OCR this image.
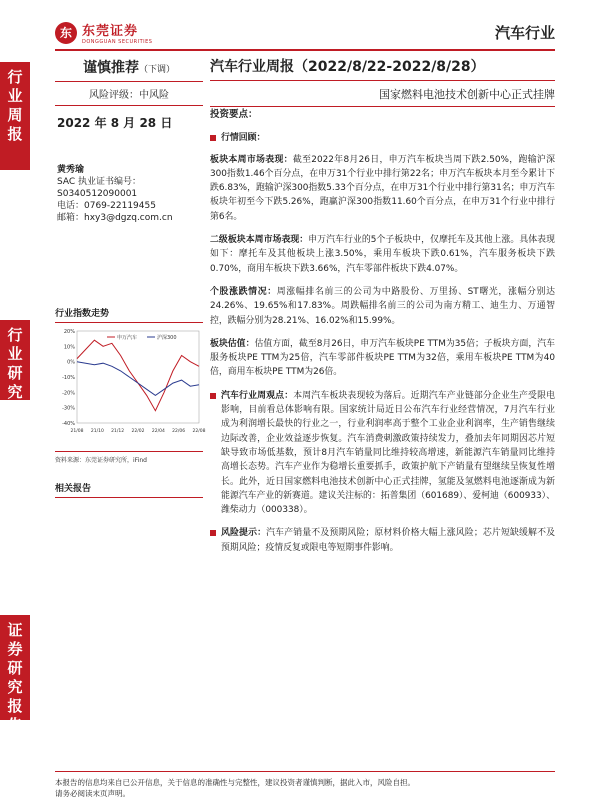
东 东莞证券
DONGGUAN SECURITIES	汽车行业
行业周报
行业研究
证券研究报告
谨慎推荐（下调）
风险评级：中风险
2022 年 8 月 28 日
黄秀瑜
SAC 执业证书编号：
S0340512090001
电话：0769-22119455
邮箱：hxy3@dgzq.com.cn
行业指数走势
20%
10%
0%
-10%
-20%
-30%
-40%
21/08 21/10 21/12 22/02 22/04 22/06 22/08
申万汽车	沪深300
资料来源：东莞证券研究所，iFind
相关报告
汽车行业周报（2022/8/22-2022/8/28）
国家燃料电池技术创新中心正式挂牌
投资要点：
行情回顾：
板块本周市场表现：截至2022年8月26日，申万汽车板块当周下跌2.50%，跑输沪深300指数1.46个百分点，在申万31个行业中排行第22名；申万汽车板块本月至今累计下跌6.83%，跑输沪深300指数5.33个百分点，在申万31个行业中排行第31名；申万汽车板块年初至今下跌5.26%，跑赢沪深300指数11.60个百分点，在申万31个行业中排行第6名。
二级板块本周市场表现：申万汽车行业的5个子板块中，仅摩托车及其他上涨。具体表现如下：摩托车及其他板块上涨3.50%，乘用车板块下跌0.61%，汽车服务板块下跌0.70%，商用车板块下跌3.66%，汽车零部件板块下跌4.07%。
个股涨跌情况：周涨幅排名前三的公司为中路股份、万里扬、ST曙光，涨幅分别达24.26%、19.65%和17.83%。周跌幅排名前三的公司为南方精工、迪生力、万通智控，跌幅分别为28.21%、16.02%和15.99%。
板块估值：估值方面，截至8月26日，申万汽车板块PE TTM为35倍；子板块方面，汽车服务板块PE TTM为25倍，汽车零部件板块PE TTM为32倍，乘用车板块PE TTM为40倍，商用车板块PE TTM为26倍。
汽车行业周观点：本周汽车板块表现较为落后。近期汽车产业链部分企业生产受限电影响，目前看总体影响有限。国家统计局近日公布汽车行业经营情况，7月汽车行业成为利润增长最快的行业之一，行业利润率高于整个工业企业利润率，生产销售继续边际改善，企业效益逐步恢复。汽车消费刺激政策持续发力，叠加去年同期因芯片短缺导致市场低基数，预计8月汽车销量同比维持较高增速，新能源汽车销量同比维持高增长态势。汽车产业作为稳增长重要抓手，政策护航下产销量有望继续呈恢复性增长。此外，近日国家燃料电池技术创新中心正式挂牌，氢能及氢燃料电池逐渐成为新能源汽车产业的新赛道。建议关注标的：拓普集团（601689）、爱柯迪（600933）、潍柴动力（000338）。
风险提示：汽车产销量不及预期风险；原材料价格大幅上涨风险；芯片短缺缓解不及预期风险；疫情反复或限电等短期事件影响。
本报告的信息均来自已公开信息，关于信息的准确性与完整性，建议投资者谨慎判断，据此入市，风险自担。
请务必阅读末页声明。
